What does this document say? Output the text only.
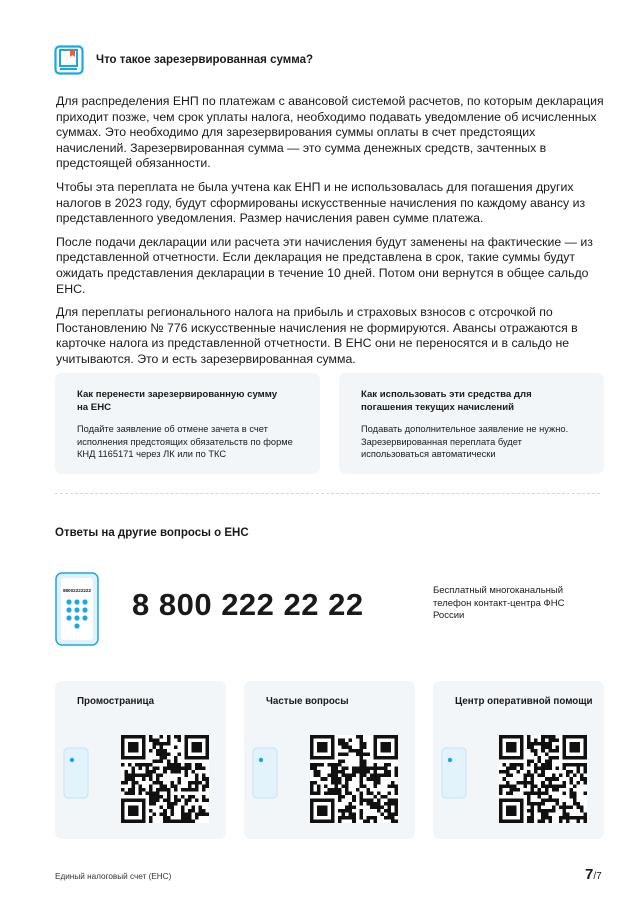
Что такое зарезервированная сумма?

Для распределения ЕНП по платежам с авансовой системой расчетов, по которым декларация приходит позже, чем срок уплаты налога, необходимо подавать уведомление об исчисленных суммах. Это необходимо для зарезервирования суммы оплаты в счет предстоящих начислений. Зарезервированная сумма — это сумма денежных средств, зачтенных в предстоящей обязанности.

Чтобы эта переплата не была учтена как ЕНП и не использовалась для погашения других налогов в 2023 году, будут сформированы искусственные начисления по каждому авансу из представленного уведомления. Размер начисления равен сумме платежа.

После подачи декларации или расчета эти начисления будут заменены на фактические — из представленной отчетности. Если декларация не представлена в срок, такие суммы будут ожидать представления декларации в течение 10 дней. Потом они вернутся в общее сальдо ЕНС.

Для переплаты регионального налога на прибыль и страховых взносов с отсрочкой по Постановлению № 776 искусственные начисления не формируются. Авансы отражаются в карточке налога из представленной отчетности. В ЕНС они не переносятся и в сальдо не учитываются. Это и есть зарезервированная сумма.

Как перенести зарезервированную сумму на ЕНС
Подайте заявление об отмене зачета в счет исполнения предстоящих обязательств по форме КНД 1165171 через ЛК или по ТКС
Как использовать эти средства для погашения текущих начислений
Подавать дополнительное заявление не нужно. Зарезервированная переплата будет использоваться автоматически
Ответы на другие вопросы о ЕНС
88002222222 8 800 222 22 22	Бесплатный многоканальный телефон контакт-центра ФНС России
Промостраница	Частые вопросы	Центр оперативной помощи
Единый налоговый счет (ЕНС)	7/7
